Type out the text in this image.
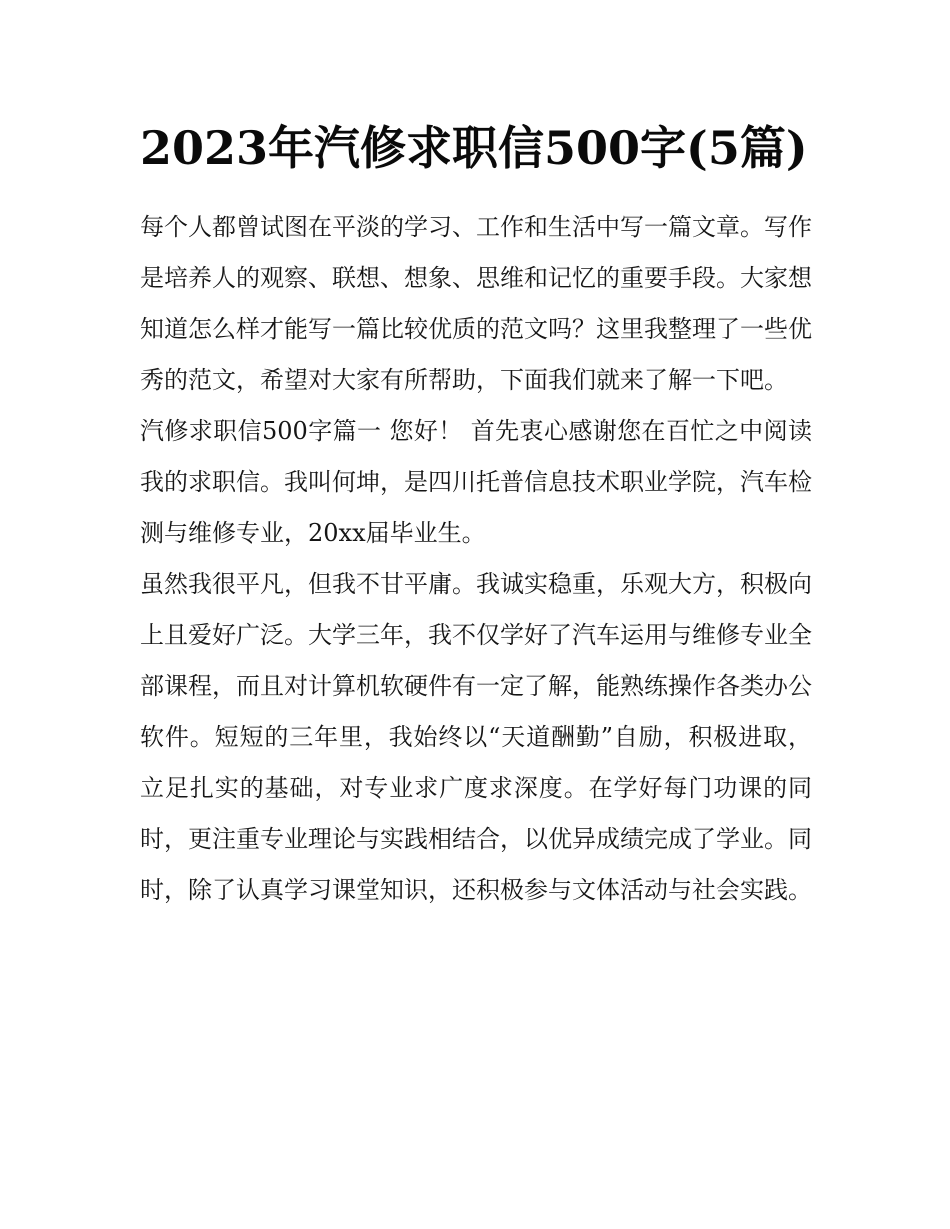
2023年汽修求职信500字(5篇)

每个人都曾试图在平淡的学习、工作和生活中写一篇文章。写作是培养人的观察、联想、想象、思维和记忆的重要手段。大家想知道怎么样才能写一篇比较优质的范文吗？这里我整理了一些优秀的范文，希望对大家有所帮助，下面我们就来了解一下吧。

汽修求职信500字篇一 您好！ 首先衷心感谢您在百忙之中阅读我的求职信。我叫何坤，是四川托普信息技术职业学院，汽车检测与维修专业，20xx届毕业生。

虽然我很平凡，但我不甘平庸。我诚实稳重，乐观大方，积极向上且爱好广泛。大学三年，我不仅学好了汽车运用与维修专业全部课程，而且对计算机软硬件有一定了解，能熟练操作各类办公软件。短短的三年里，我始终以“天道酬勤”自励，积极进取，立足扎实的基础，对专业求广度求深度。在学好每门功课的同时，更注重专业理论与实践相结合，以优异成绩完成了学业。同时，除了认真学习课堂知识，还积极参与文体活动与社会实践。
